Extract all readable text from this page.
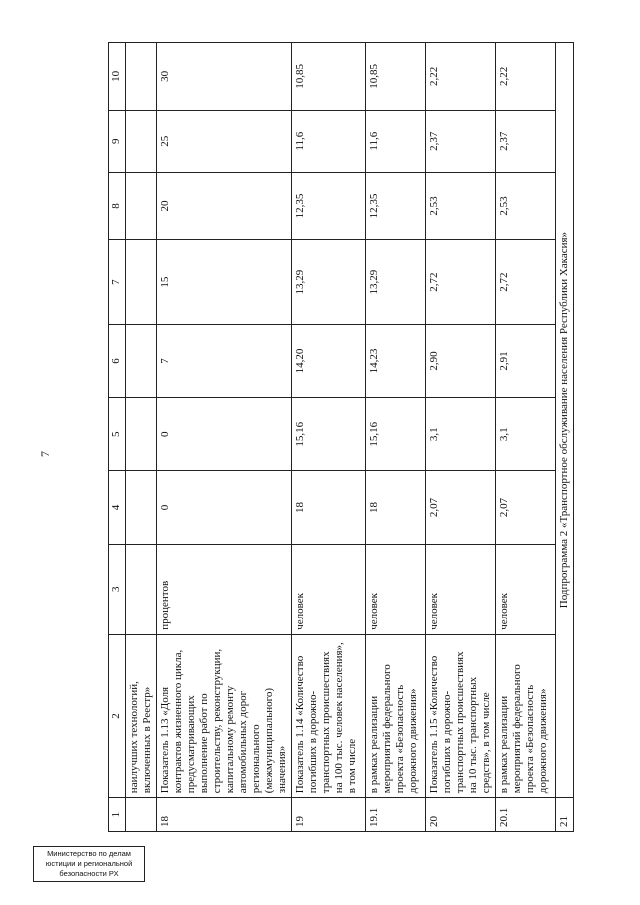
7
1	2	3	4	5	6	7	8	9	10
	наилучших технологий, включенных в Реестр»								
18	Показатель 1.13 «Доля контрактов жизненного цикла, предусматривающих выполнение работ по строительству, реконструкции, капитальному ремонту автомобильных дорог регионального (межмуниципального) значения»	процентов	0	0	7	15	20	25	30
19	Показатель 1.14 «Количество погибших в дорожно-транспортных происшествиях на 100 тыс. человек населения», в том числе	человек	18	15,16	14,20	13,29	12,35	11,6	10,85
19.1	в рамках реализации мероприятий федерального проекта «Безопасность дорожного движения»	человек	18	15,16	14,23	13,29	12,35	11,6	10,85
20	Показатель 1.15 «Количество погибших в дорожно-транспортных происшествиях на 10 тыс. транспортных средств», в том числе	человек	2,07	3,1	2,90	2,72	2,53	2,37	2,22
20.1	в рамках реализации мероприятий федерального проекта «Безопасность дорожного движения»	человек	2,07	3,1	2,91	2,72	2,53	2,37	2,22
21	Подпрограмма 2 «Транспортное обслуживание населения Республики Хакасия»								
Министерство по делам
юстиции и региональной
безопасности РХ
